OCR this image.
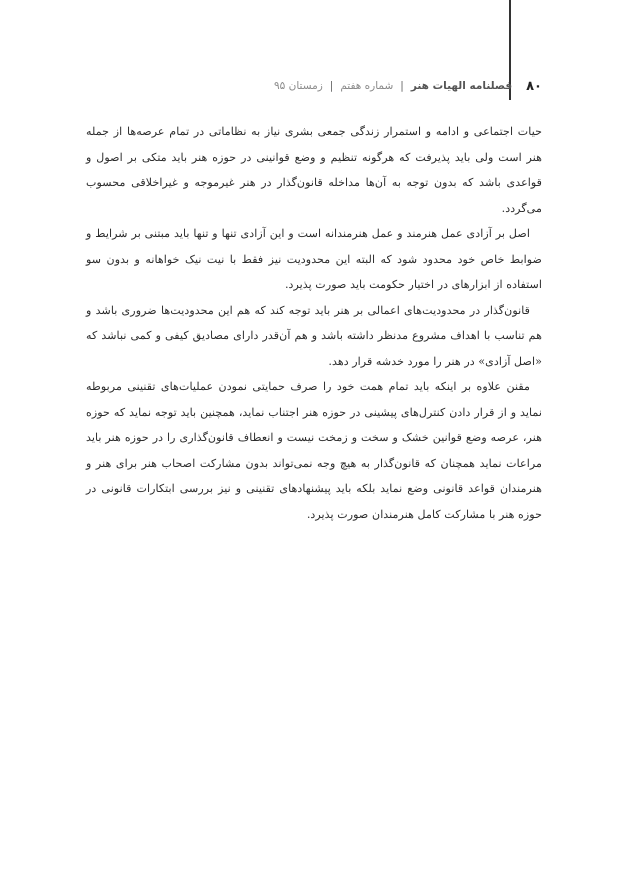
۸۰
فصلنامه الهیات هنر
|
شماره هفتم
|
زمستان ۹۵

حیات اجتماعی و ادامه و استمرار زندگی جمعی بشری نیاز به نظاماتی در تمام عرصه‌ها از جمله هنر است ولی باید پذیرفت که هرگونه تنظیم و وضع قوانینی در حوزه هنر باید متکی بر اصول و قواعدی باشد که بدون توجه به آن‌ها مداخله قانون‌گذار در هنر غیرموجه و غیراخلاقی محسوب می‌گردد.

اصل بر آزادی عمل هنرمند و عمل هنرمندانه است و این آزادی تنها و تنها باید مبتنی بر شرایط و ضوابط خاص خود محدود شود که البته این محدودیت نیز فقط با نیت نیک خواهانه و بدون سو استفاده از ابزارهای در اختیار حکومت باید صورت پذیرد.

قانون‌گذار در محدودیت‌های اعمالی بر هنر باید توجه کند که هم این محدودیت‌ها ضروری باشد و هم تناسب با اهداف مشروع مدنظر داشته باشد و هم آن‌قدر دارای مصادیق کیفی و کمی نباشد که «اصل آزادی» در هنر را مورد خدشه قرار دهد.

مقنن علاوه بر اینکه باید تمام همت خود را صرف حمایتی نمودن عملیات‌های تقنینی مربوطه نماید و از قرار دادن کنترل‌های پیشینی در حوزه هنر اجتناب نماید، همچنین باید توجه نماید که حوزه هنر، عرصه وضع قوانین خشک و سخت و زمخت نیست و انعطاف قانون‌گذاری را در حوزه هنر باید مراعات نماید همچنان که قانون‌گذار به هیچ وجه نمی‌تواند بدون مشارکت اصحاب هنر برای هنر و هنرمندان قواعد قانونی وضع نماید بلکه باید پیشنهادهای تقنینی و نیز بررسی ابتکارات قانونی در حوزه هنر با مشارکت کامل هنرمندان صورت پذیرد.
